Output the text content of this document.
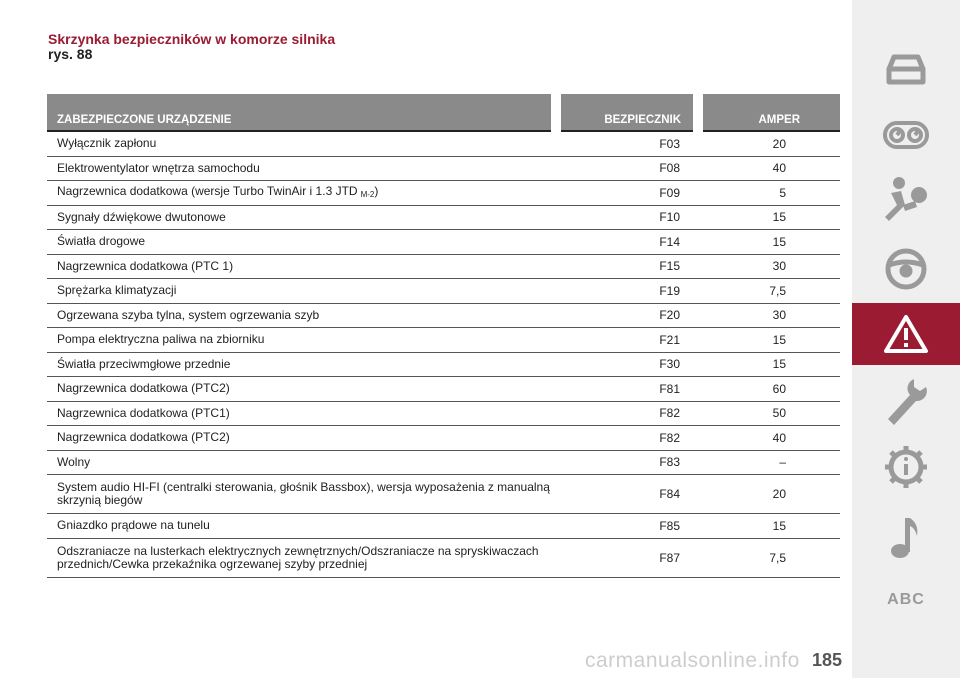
Skrzynka bezpieczników w komorze silnika
rys. 88
ZABEZPIECZONE URZĄDZENIE	BEZPIECZNIK	AMPER
Wyłącznik zapłonu	F03	20
Elektrowentylator wnętrza samochodu	F08	40
Nagrzewnica dodatkowa (wersje Turbo TwinAir i 1.3 JTD M-2)	F09	5
Sygnały dźwiękowe dwutonowe	F10	15
Światła drogowe	F14	15
Nagrzewnica dodatkowa (PTC 1)	F15	30
Sprężarka klimatyzacji	F19	7,5
Ogrzewana szyba tylna, system ogrzewania szyb	F20	30
Pompa elektryczna paliwa na zbiorniku	F21	15
Światła przeciwmgłowe przednie	F30	15
Nagrzewnica dodatkowa (PTC2)	F81	60
Nagrzewnica dodatkowa (PTC1)	F82	50
Nagrzewnica dodatkowa (PTC2)	F82	40
Wolny	F83	–
System audio HI-FI (centralki sterowania, głośnik Bassbox), wersja wyposażenia z manualną skrzynią biegów	F84	20
Gniazdko prądowe na tunelu	F85	15
Odszraniacze na lusterkach elektrycznych zewnętrznych/Odszraniacze na spryskiwaczach przednich/Cewka przekaźnika ogrzewanej szyby przedniej	F87	7,5
ABC
carmanualsonline.info 185
